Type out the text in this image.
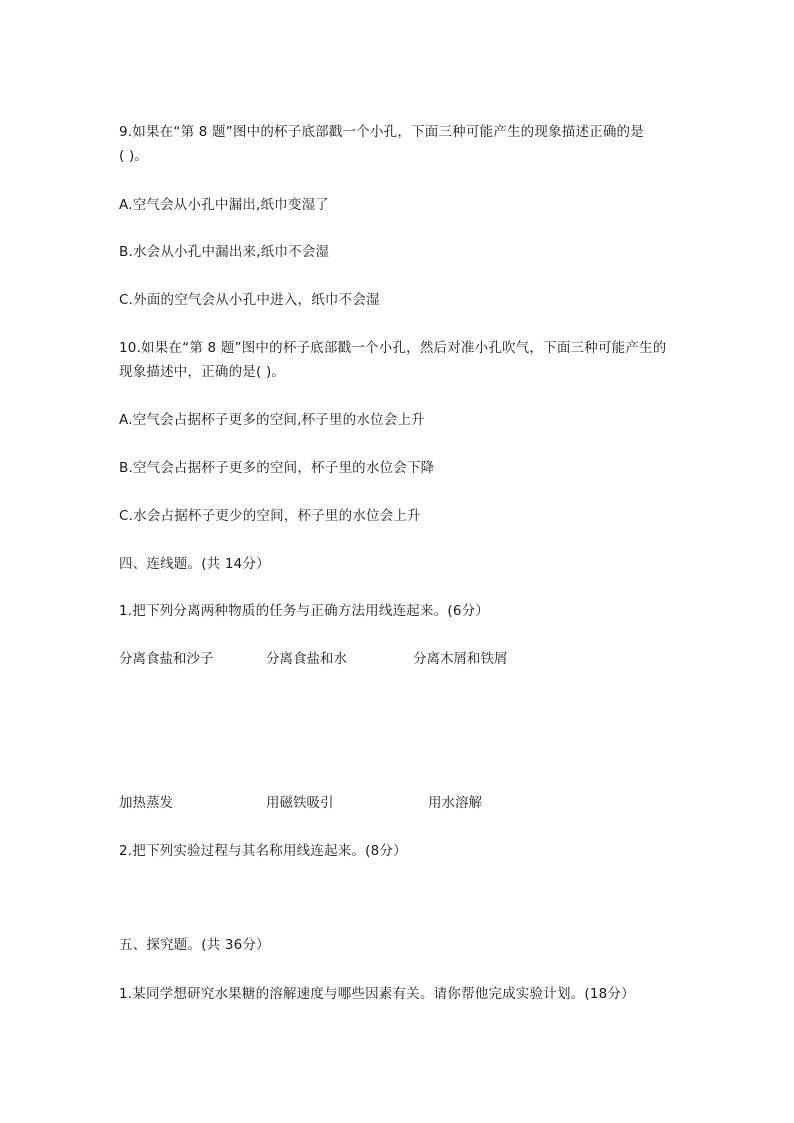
9.如果在“第 8 题”图中的杯子底部戳一个小孔，下面三种可能产生的现象描述正确的是
( )。
A.空气会从小孔中漏出,纸巾变湿了
B.水会从小孔中漏出来,纸巾不会湿
C.外面的空气会从小孔中进入，纸巾不会湿
10.如果在“第 8 题”图中的杯子底部戳一个小孔，然后对准小孔吹气，下面三种可能产生的
现象描述中，正确的是( )。
A.空气会占据杯子更多的空间,杯子里的水位会上升
B.空气会占据杯子更多的空间，杯子里的水位会下降
C.水会占据杯子更少的空间，杯子里的水位会上升
四、连线题。(共 14分）
1.把下列分离两种物质的任务与正确方法用线连起来。(6分）
分离食盐和沙子	分离食盐和水	分离木屑和铁屑
加热蒸发	用磁铁吸引	用水溶解
2.把下列实验过程与其名称用线连起来。(8分）
五、探究题。(共 36分）
1.某同学想研究水果糖的溶解速度与哪些因素有关。请你帮他完成实验计划。(18分）
